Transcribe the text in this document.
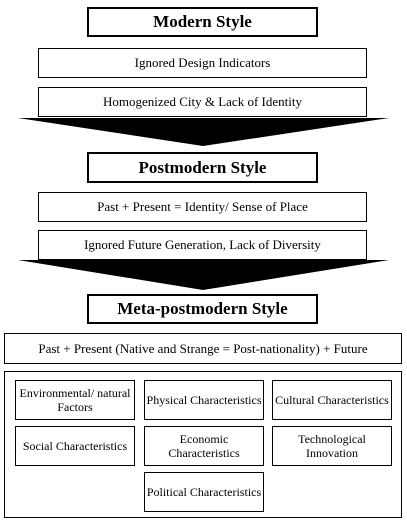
Modern Style
Ignored Design Indicators
Homogenized City & Lack of Identity
Postmodern Style
Past + Present = Identity/ Sense of Place
Ignored Future Generation, Lack of Diversity
Meta-postmodern Style
Past + Present (Native and Strange = Post-nationality) + Future
Environmental/ natural Factors
Physical Characteristics Cultural Characteristics
Social Characteristics
Economic Characteristics
Technological Innovation
Political Characteristics
